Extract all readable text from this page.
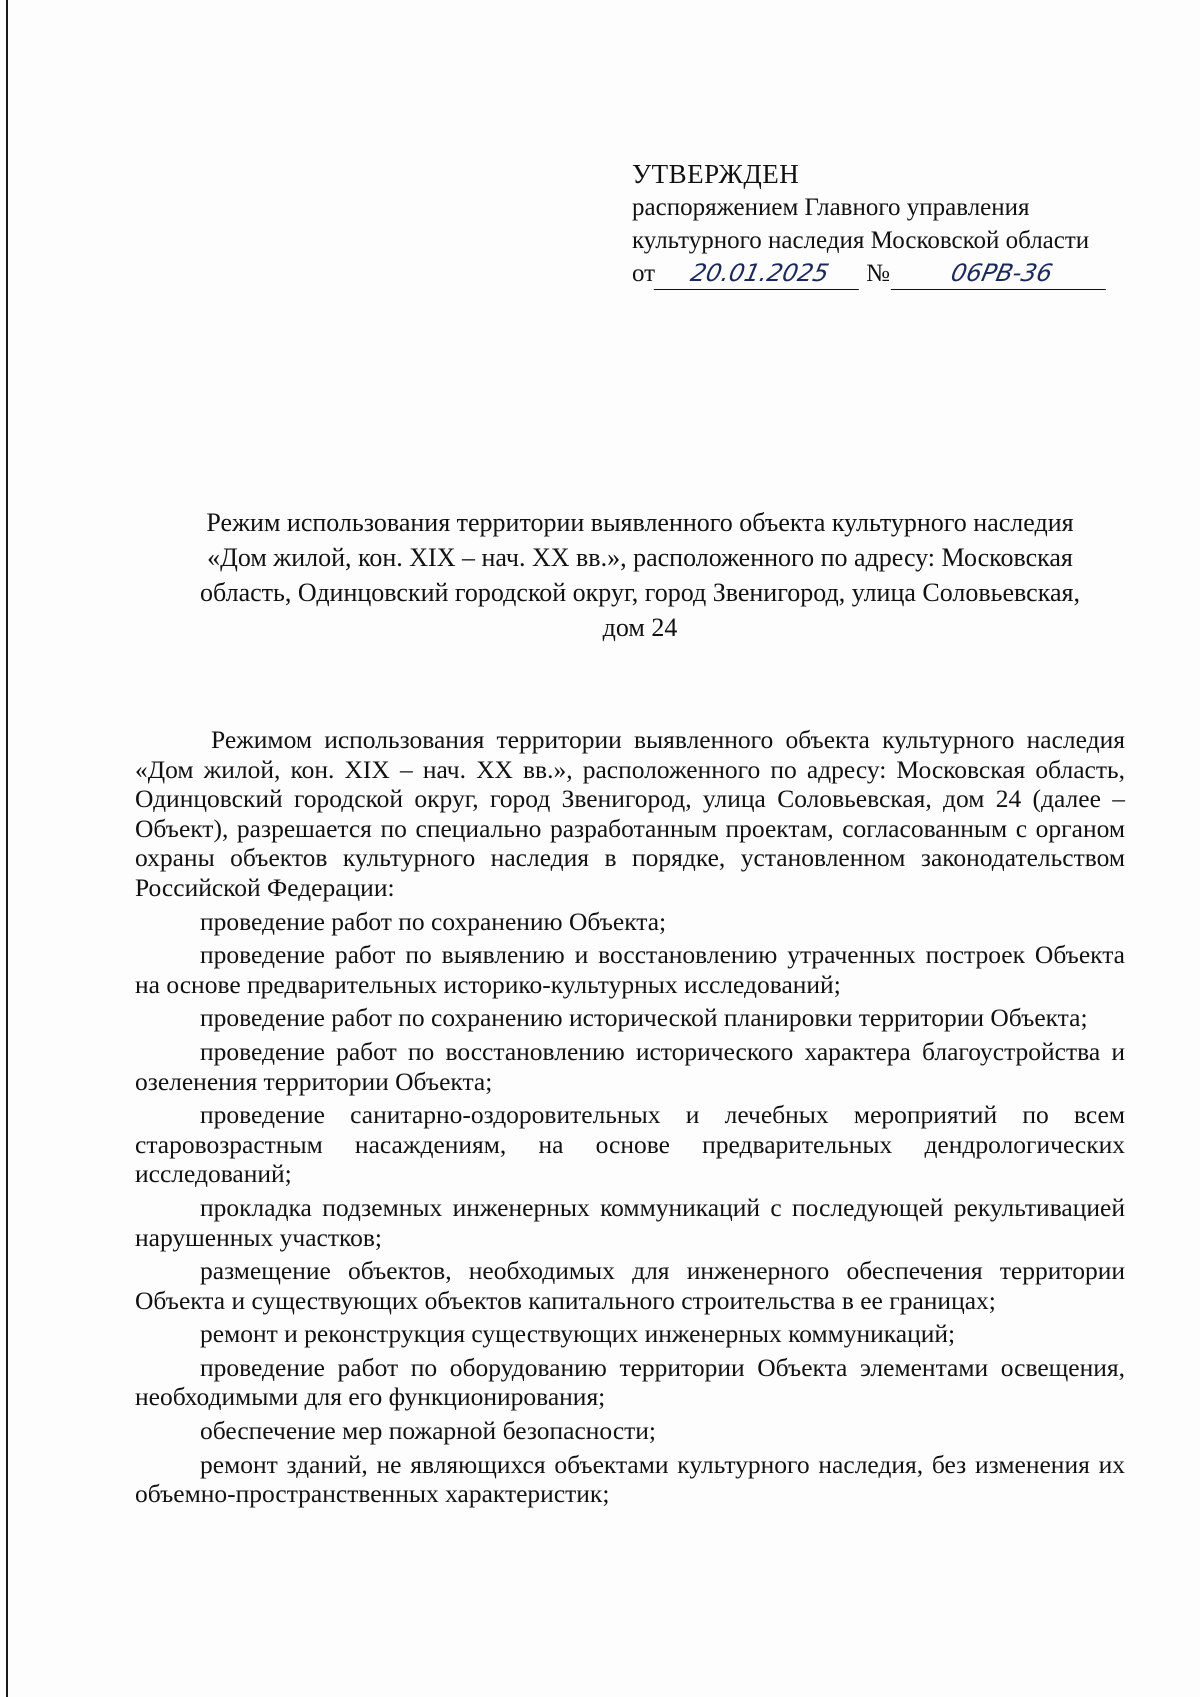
УТВЕРЖДЕН
распоряжением Главного управления
культурного наследия Московской области
от	20.01.2025	№	06РВ-36
Режим использования территории выявленного объекта культурного наследия
«Дом жилой, кон. XIX – нач. XX вв.», расположенного по адресу: Московская
область, Одинцовский городской округ, город Звенигород, улица Соловьевская,
дом 24

Режимом использования территории выявленного объекта культурного наследия «Дом жилой, кон. XIX – нач. XX вв.», расположенного по адресу: Московская область, Одинцовский городской округ, город Звенигород, улица Соловьевская, дом 24 (далее – Объект), разрешается по специально разработанным проектам, согласованным с органом охраны объектов культурного наследия в порядке, установленном законодательством Российской Федерации:

проведение работ по сохранению Объекта;

проведение работ по выявлению и восстановлению утраченных построек Объекта на основе предварительных историко-культурных исследований;

проведение работ по сохранению исторической планировки территории Объекта;

проведение работ по восстановлению исторического характера благоустройства и озеленения территории Объекта;

проведение санитарно-оздоровительных и лечебных мероприятий по всем старовозрастным насаждениям, на основе предварительных дендрологических исследований;

прокладка подземных инженерных коммуникаций с последующей рекультивацией нарушенных участков;

размещение объектов, необходимых для инженерного обеспечения территории Объекта и существующих объектов капитального строительства в ее границах;

ремонт и реконструкция существующих инженерных коммуникаций;

проведение работ по оборудованию территории Объекта элементами освещения, необходимыми для его функционирования;

обеспечение мер пожарной безопасности;

ремонт зданий, не являющихся объектами культурного наследия, без изменения их объемно-пространственных характеристик;
